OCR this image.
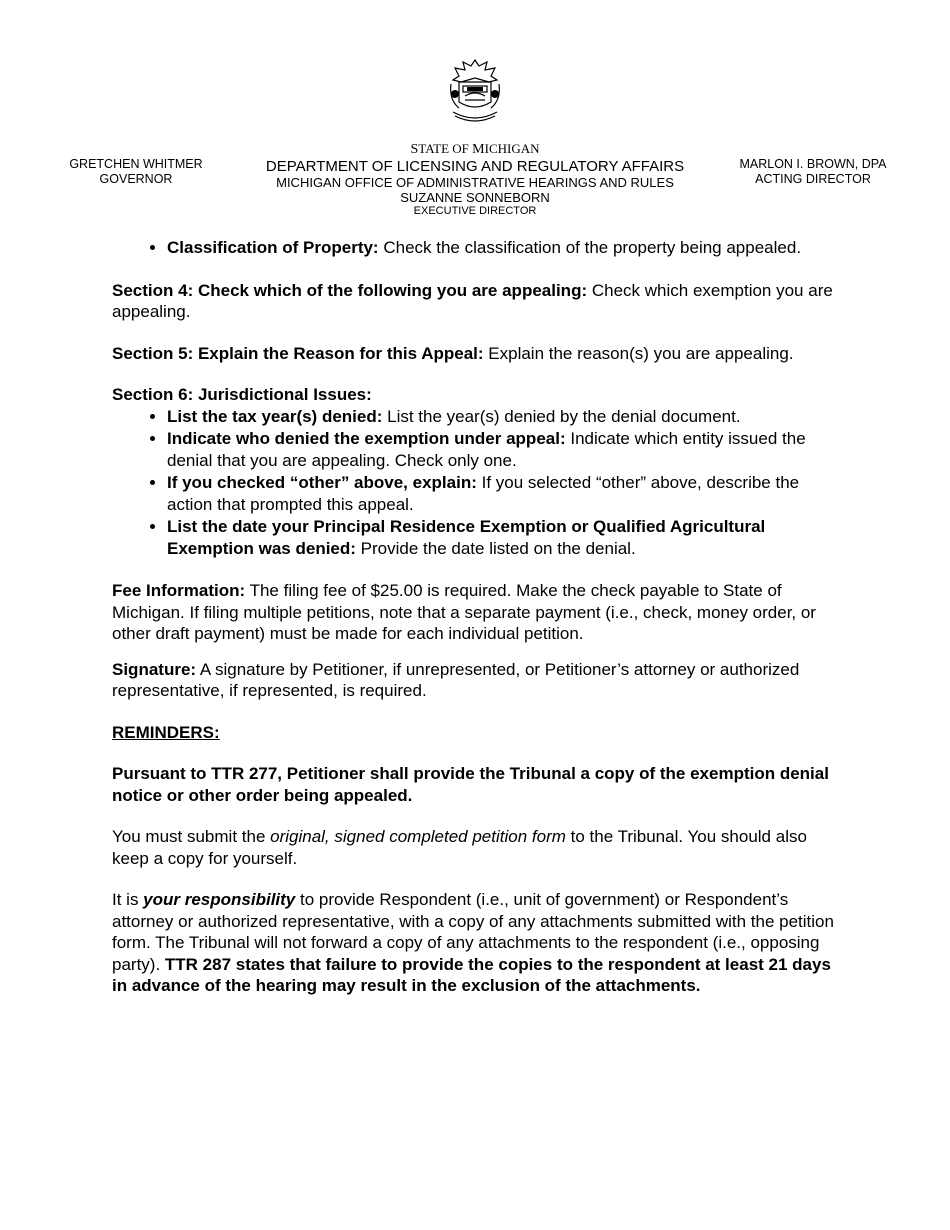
GRETCHEN WHITMER
GOVERNOR
STATE OF MICHIGAN
DEPARTMENT OF LICENSING AND REGULATORY AFFAIRS
MICHIGAN OFFICE OF ADMINISTRATIVE HEARINGS AND RULES
SUZANNE SONNEBORN
EXECUTIVE DIRECTOR
MARLON I. BROWN, DPA
ACTING DIRECTOR
• Classification of Property: Check the classification of the property being appealed.

Section 4: Check which of the following you are appealing: Check which exemption you are appealing.

Section 5: Explain the Reason for this Appeal: Explain the reason(s) you are appealing.

Section 6: Jurisdictional Issues:

• List the tax year(s) denied: List the year(s) denied by the denial document.
• Indicate who denied the exemption under appeal: Indicate which entity issued the denial that you are appealing. Check only one.
• If you checked “other” above, explain: If you selected “other” above, describe the action that prompted this appeal.
• List the date your Principal Residence Exemption or Qualified Agricultural Exemption was denied: Provide the date listed on the denial.

Fee Information: The filing fee of $25.00 is required. Make the check payable to State of Michigan. If filing multiple petitions, note that a separate payment (i.e., check, money order, or other draft payment) must be made for each individual petition.

Signature: A signature by Petitioner, if unrepresented, or Petitioner’s attorney or authorized representative, if represented, is required.

REMINDERS:

Pursuant to TTR 277, Petitioner shall provide the Tribunal a copy of the exemption denial notice or other order being appealed.

You must submit the original, signed completed petition form to the Tribunal. You should also keep a copy for yourself.

It is your responsibility to provide Respondent (i.e., unit of government) or Respondent’s attorney or authorized representative, with a copy of any attachments submitted with the petition form. The Tribunal will not forward a copy of any attachments to the respondent (i.e., opposing party). TTR 287 states that failure to provide the copies to the respondent at least 21 days in advance of the hearing may result in the exclusion of the attachments.
